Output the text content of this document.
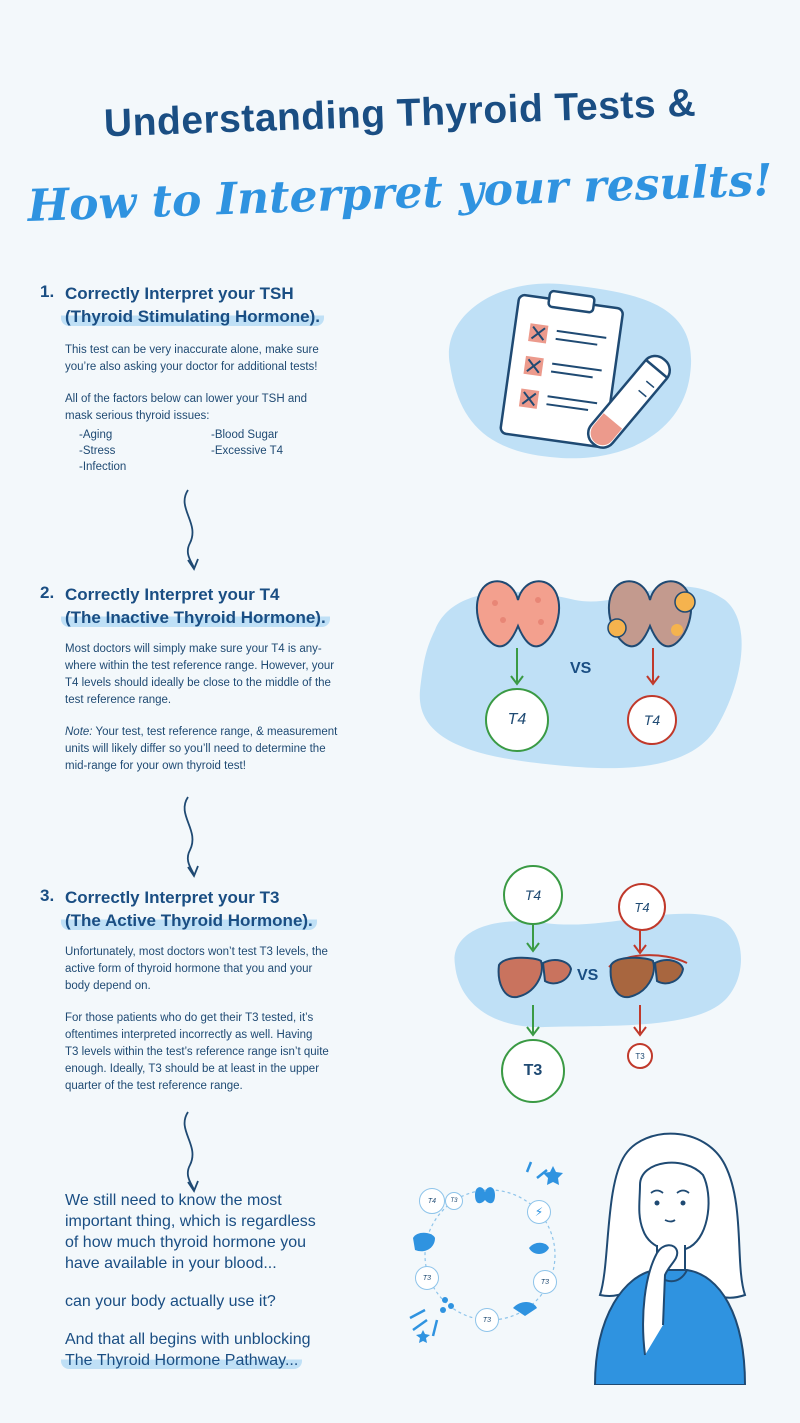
Understanding Thyroid Tests &
How to Interpret your results!
1. Correctly Interpret your TSH
(Thyroid Stimulating Hormone).
This test can be very inaccurate alone, make sure
you’re also asking your doctor for additional tests!
All of the factors below can lower your TSH and
mask serious thyroid issues:
-Aging
-Stress
-Infection
-Blood Sugar
-Excessive T4
2. Correctly Interpret your T4
(The Inactive Thyroid Hormone).
Most doctors will simply make sure your T4 is any-
where within the test reference range. However, your
T4 levels should ideally be close to the middle of the
test reference range.
Note: Your test, test reference range, & measurement
units will likely differ so you’ll need to determine the
mid-range for your own thyroid test!
T4	T4
VS
3. Correctly Interpret your T3
(The Active Thyroid Hormone).
Unfortunately, most doctors won’t test T3 levels, the
active form of thyroid hormone that you and your
body depend on.
For those patients who do get their T3 tested, it’s
oftentimes interpreted incorrectly as well. Having
T3 levels within the test’s reference range isn’t quite
enough. Ideally, T3 should be at least in the upper
quarter of the test reference range.
T4
T4
VS
T3
T3
We still need to know the most
important thing, which is regardless
of how much thyroid hormone you
have available in your blood...
can your body actually use it?
And that all begins with unblocking
The Thyroid Hormone Pathway...
T4	T3
⚡
T3
T3
T3
